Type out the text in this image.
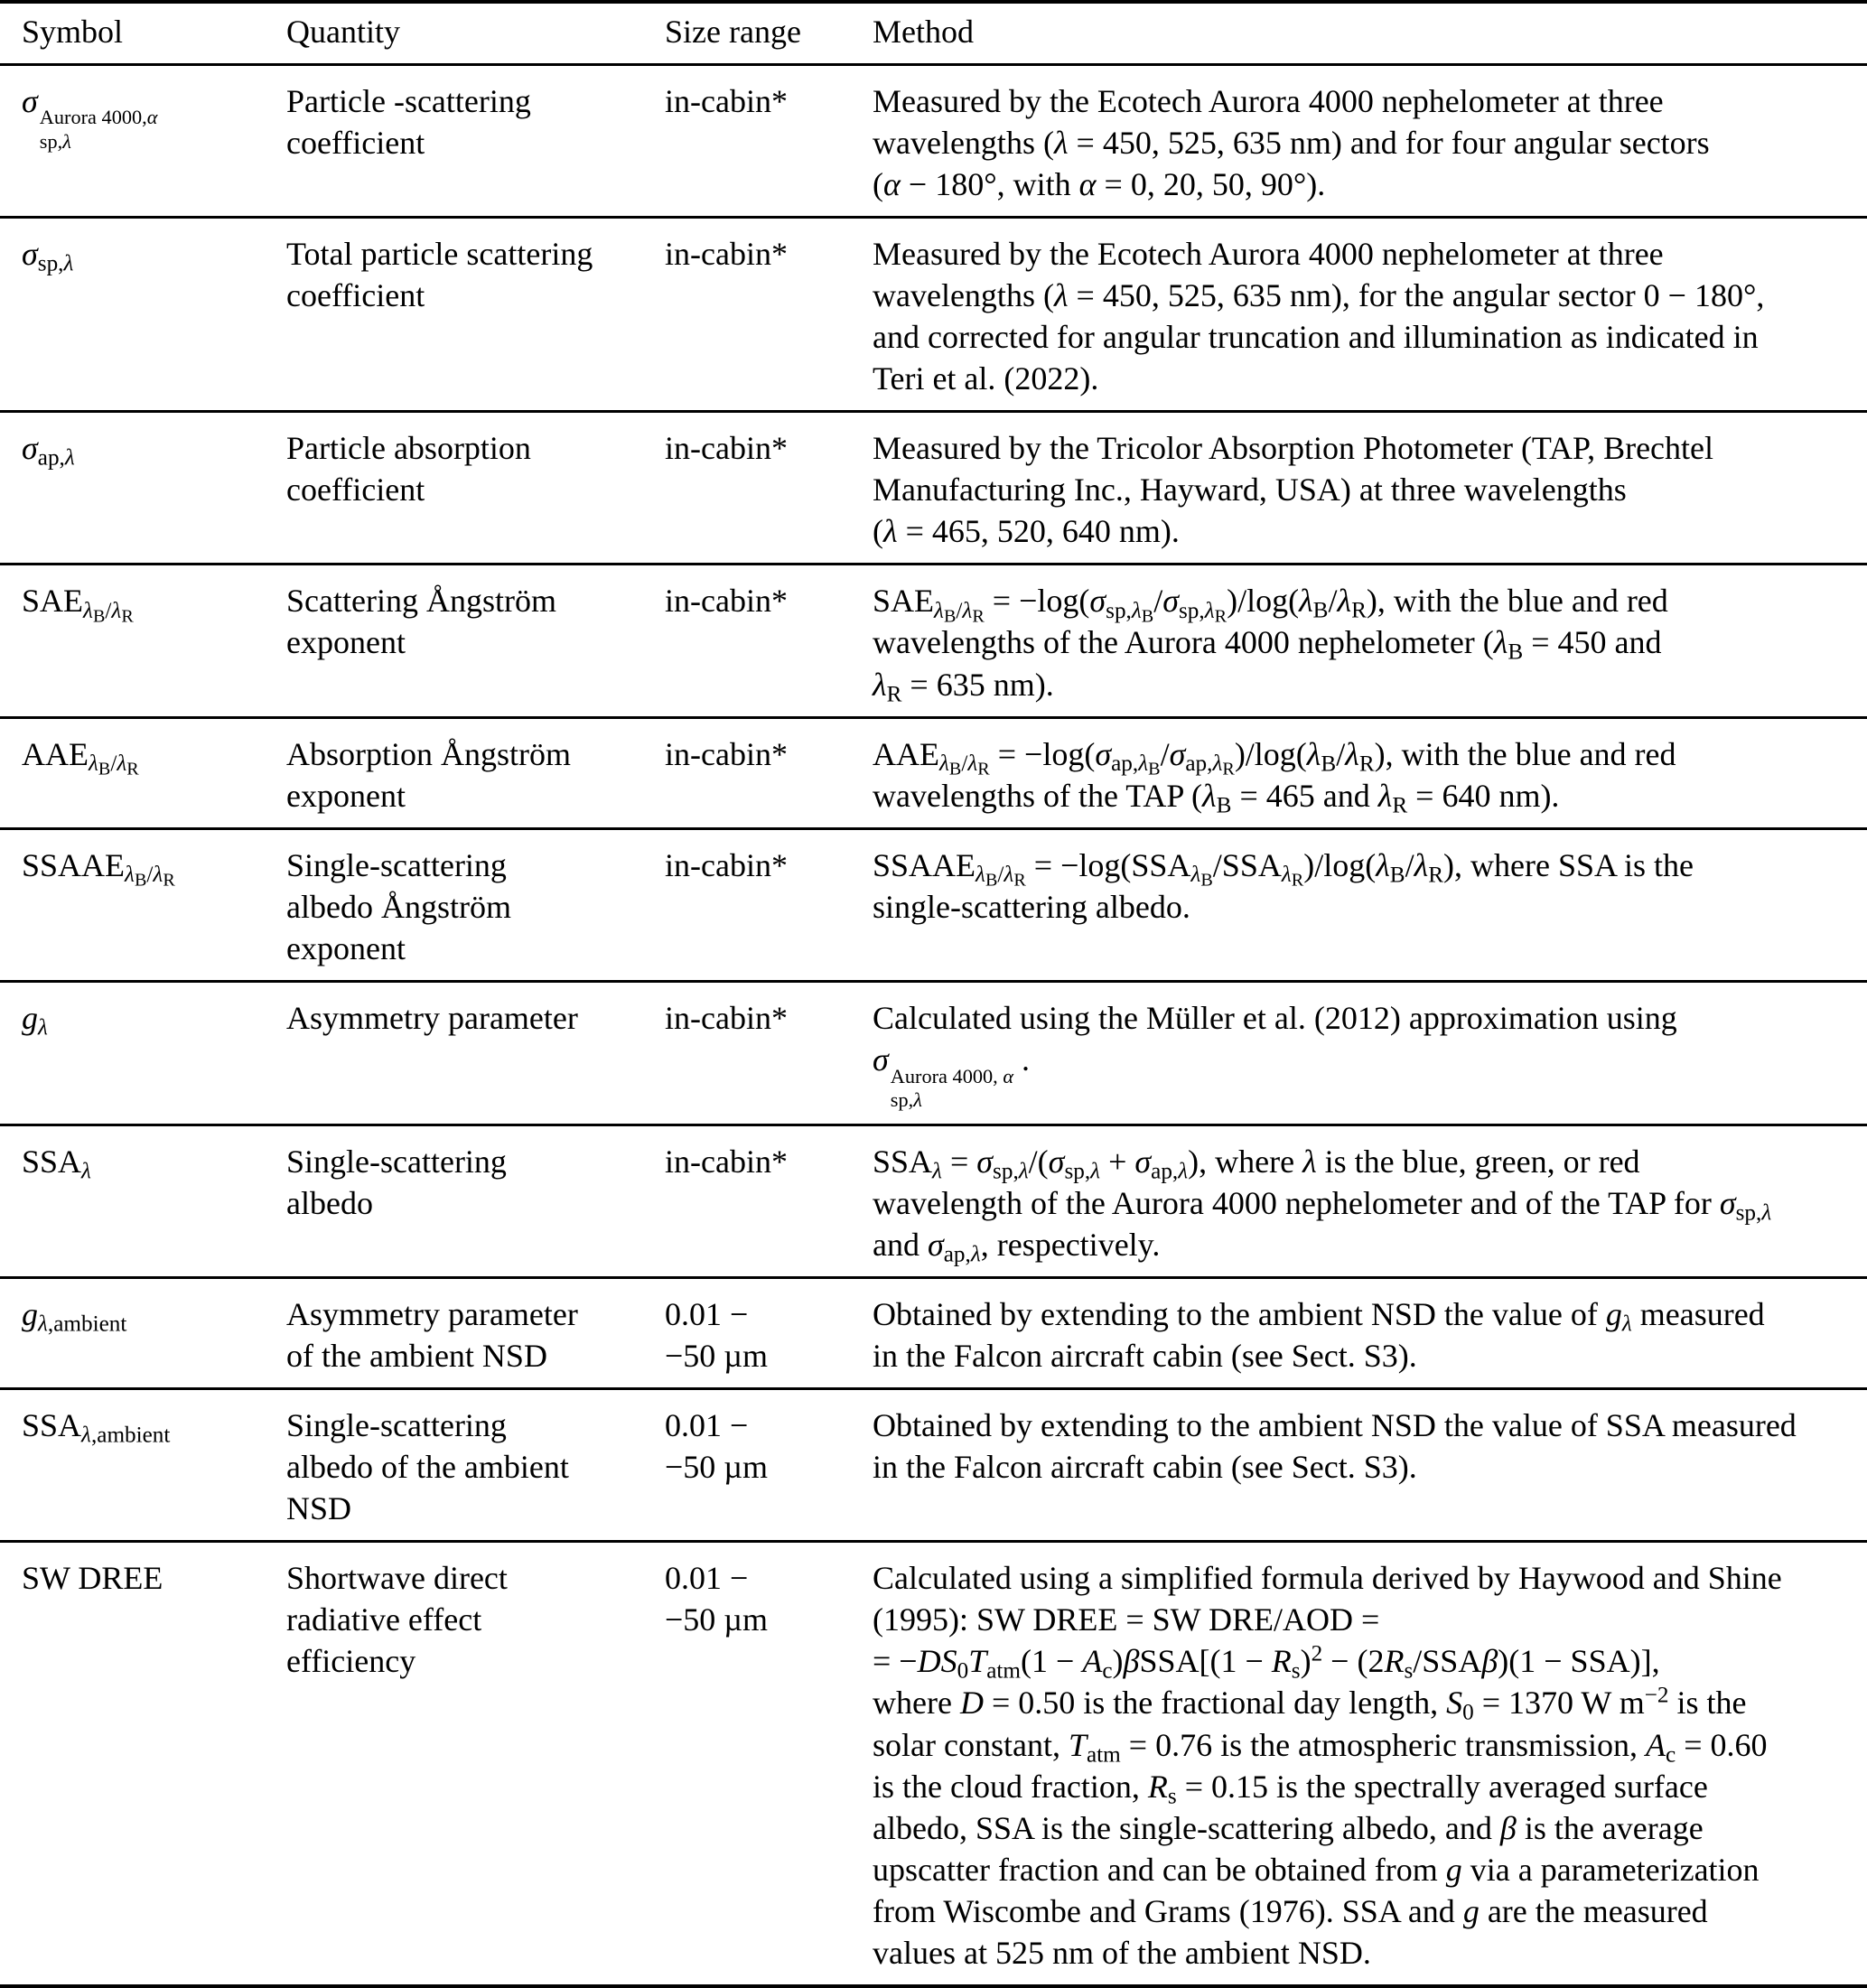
Symbol	Quantity	Size range	Method
σ Aurora 4000,α
sp,λ	Particle -scattering
coefficient	in-cabin*	Measured by the Ecotech Aurora 4000 nephelometer at three
wavelengths (λ = 450, 525, 635 nm) and for four angular sectors
(α − 180°, with α = 0, 20, 50, 90°).
$\sigma_{sp,\lambda}$	Total particle scattering
coefficient	in-cabin*	Measured by the Ecotech Aurora 4000 nephelometer at three
wavelengths (λ = 450, 525, 635 nm), for the angular sector 0 − 180°,
and corrected for angular truncation and illumination as indicated in
Teri et al. (2022).
$\sigma_{ap,\lambda}$	Particle absorption
coefficient	in-cabin*	Measured by the Tricolor Absorption Photometer (TAP, Brechtel
Manufacturing Inc., Hayward, USA) at three wavelengths
(λ = 465, 520, 640 nm).
$SAE_{\lambda_B/\lambda_R}$	Scattering Ångström
exponent	in-cabin*	$SAE_{\lambda_B/\lambda_R} = -\log(\sigma_{sp,\lambda_B}/\sigma_{sp,\lambda_R})/\log(\lambda_B/\lambda_R)$, with the blue and red
wavelengths of the Aurora 4000 nephelometer ($\lambda_B = 450$ and
$\lambda_R = 635$ nm).
$AAE_{\lambda_B/\lambda_R}$	Absorption Ångström
exponent	in-cabin*	$AAE_{\lambda_B/\lambda_R} = -\log(\sigma_{ap,\lambda_B}/\sigma_{ap,\lambda_R})/\log(\lambda_B/\lambda_R)$, with the blue and red
wavelengths of the TAP ($\lambda_B = 465$ and $\lambda_R = 640$ nm).
$SSAAE_{\lambda_B/\lambda_R}$	Single-scattering
albedo Ångström
exponent	in-cabin*	$SSAAE_{\lambda_B/\lambda_R} = -\log(SSA_{\lambda_B}/SSA_{\lambda_R})/\log(\lambda_B/\lambda_R)$, where SSA is the
single-scattering albedo.
$g_\lambda$	Asymmetry parameter	in-cabin*	Calculated using the Müller et al. (2012) approximation using
σ Aurora 4000, α
sp,λ
.
$SSA_\lambda$	Single-scattering
albedo	in-cabin*	$SSA_\lambda = \sigma_{sp,\lambda}/(\sigma_{sp,\lambda} + \sigma_{ap,\lambda})$, where λ is the blue, green, or red
wavelength of the Aurora 4000 nephelometer and of the TAP for $\sigma_{sp,\lambda}$
and $\sigma_{ap,\lambda}$, respectively.
$g_{\lambda,ambient}$	Asymmetry parameter
of the ambient NSD	0.01 −
−50 µm	Obtained by extending to the ambient NSD the value of $g_\lambda$ measured
in the Falcon aircraft cabin (see Sect. S3).
$SSA_{\lambda,ambient}$	Single-scattering
albedo of the ambient
NSD	0.01 −
−50 µm	Obtained by extending to the ambient NSD the value of SSA measured
in the Falcon aircraft cabin (see Sect. S3).
SW DREE	Shortwave direct
radiative effect
efficiency	0.01 −
−50 µm	Calculated using a simplified formula derived by Haywood and Shine
(1995): SW DREE = SW DRE/AOD =
= $-DS_0T_{atm}(1 - A_c)\beta SSA[(1 - R_s)^2 - (2R_s/SSA\beta)(1 - SSA)]$,
where D = 0.50 is the fractional day length, $S_0 = 1370$ W $m^{-2}$ is the
solar constant, $T_{atm} = 0.76$ is the atmospheric transmission, $A_c = 0.60$
is the cloud fraction, $R_s = 0.15$ is the spectrally averaged surface
albedo, SSA is the single-scattering albedo, and β is the average
upscatter fraction and can be obtained from g via a parameterization
from Wiscombe and Grams (1976). SSA and g are the measured
values at 525 nm of the ambient NSD.
